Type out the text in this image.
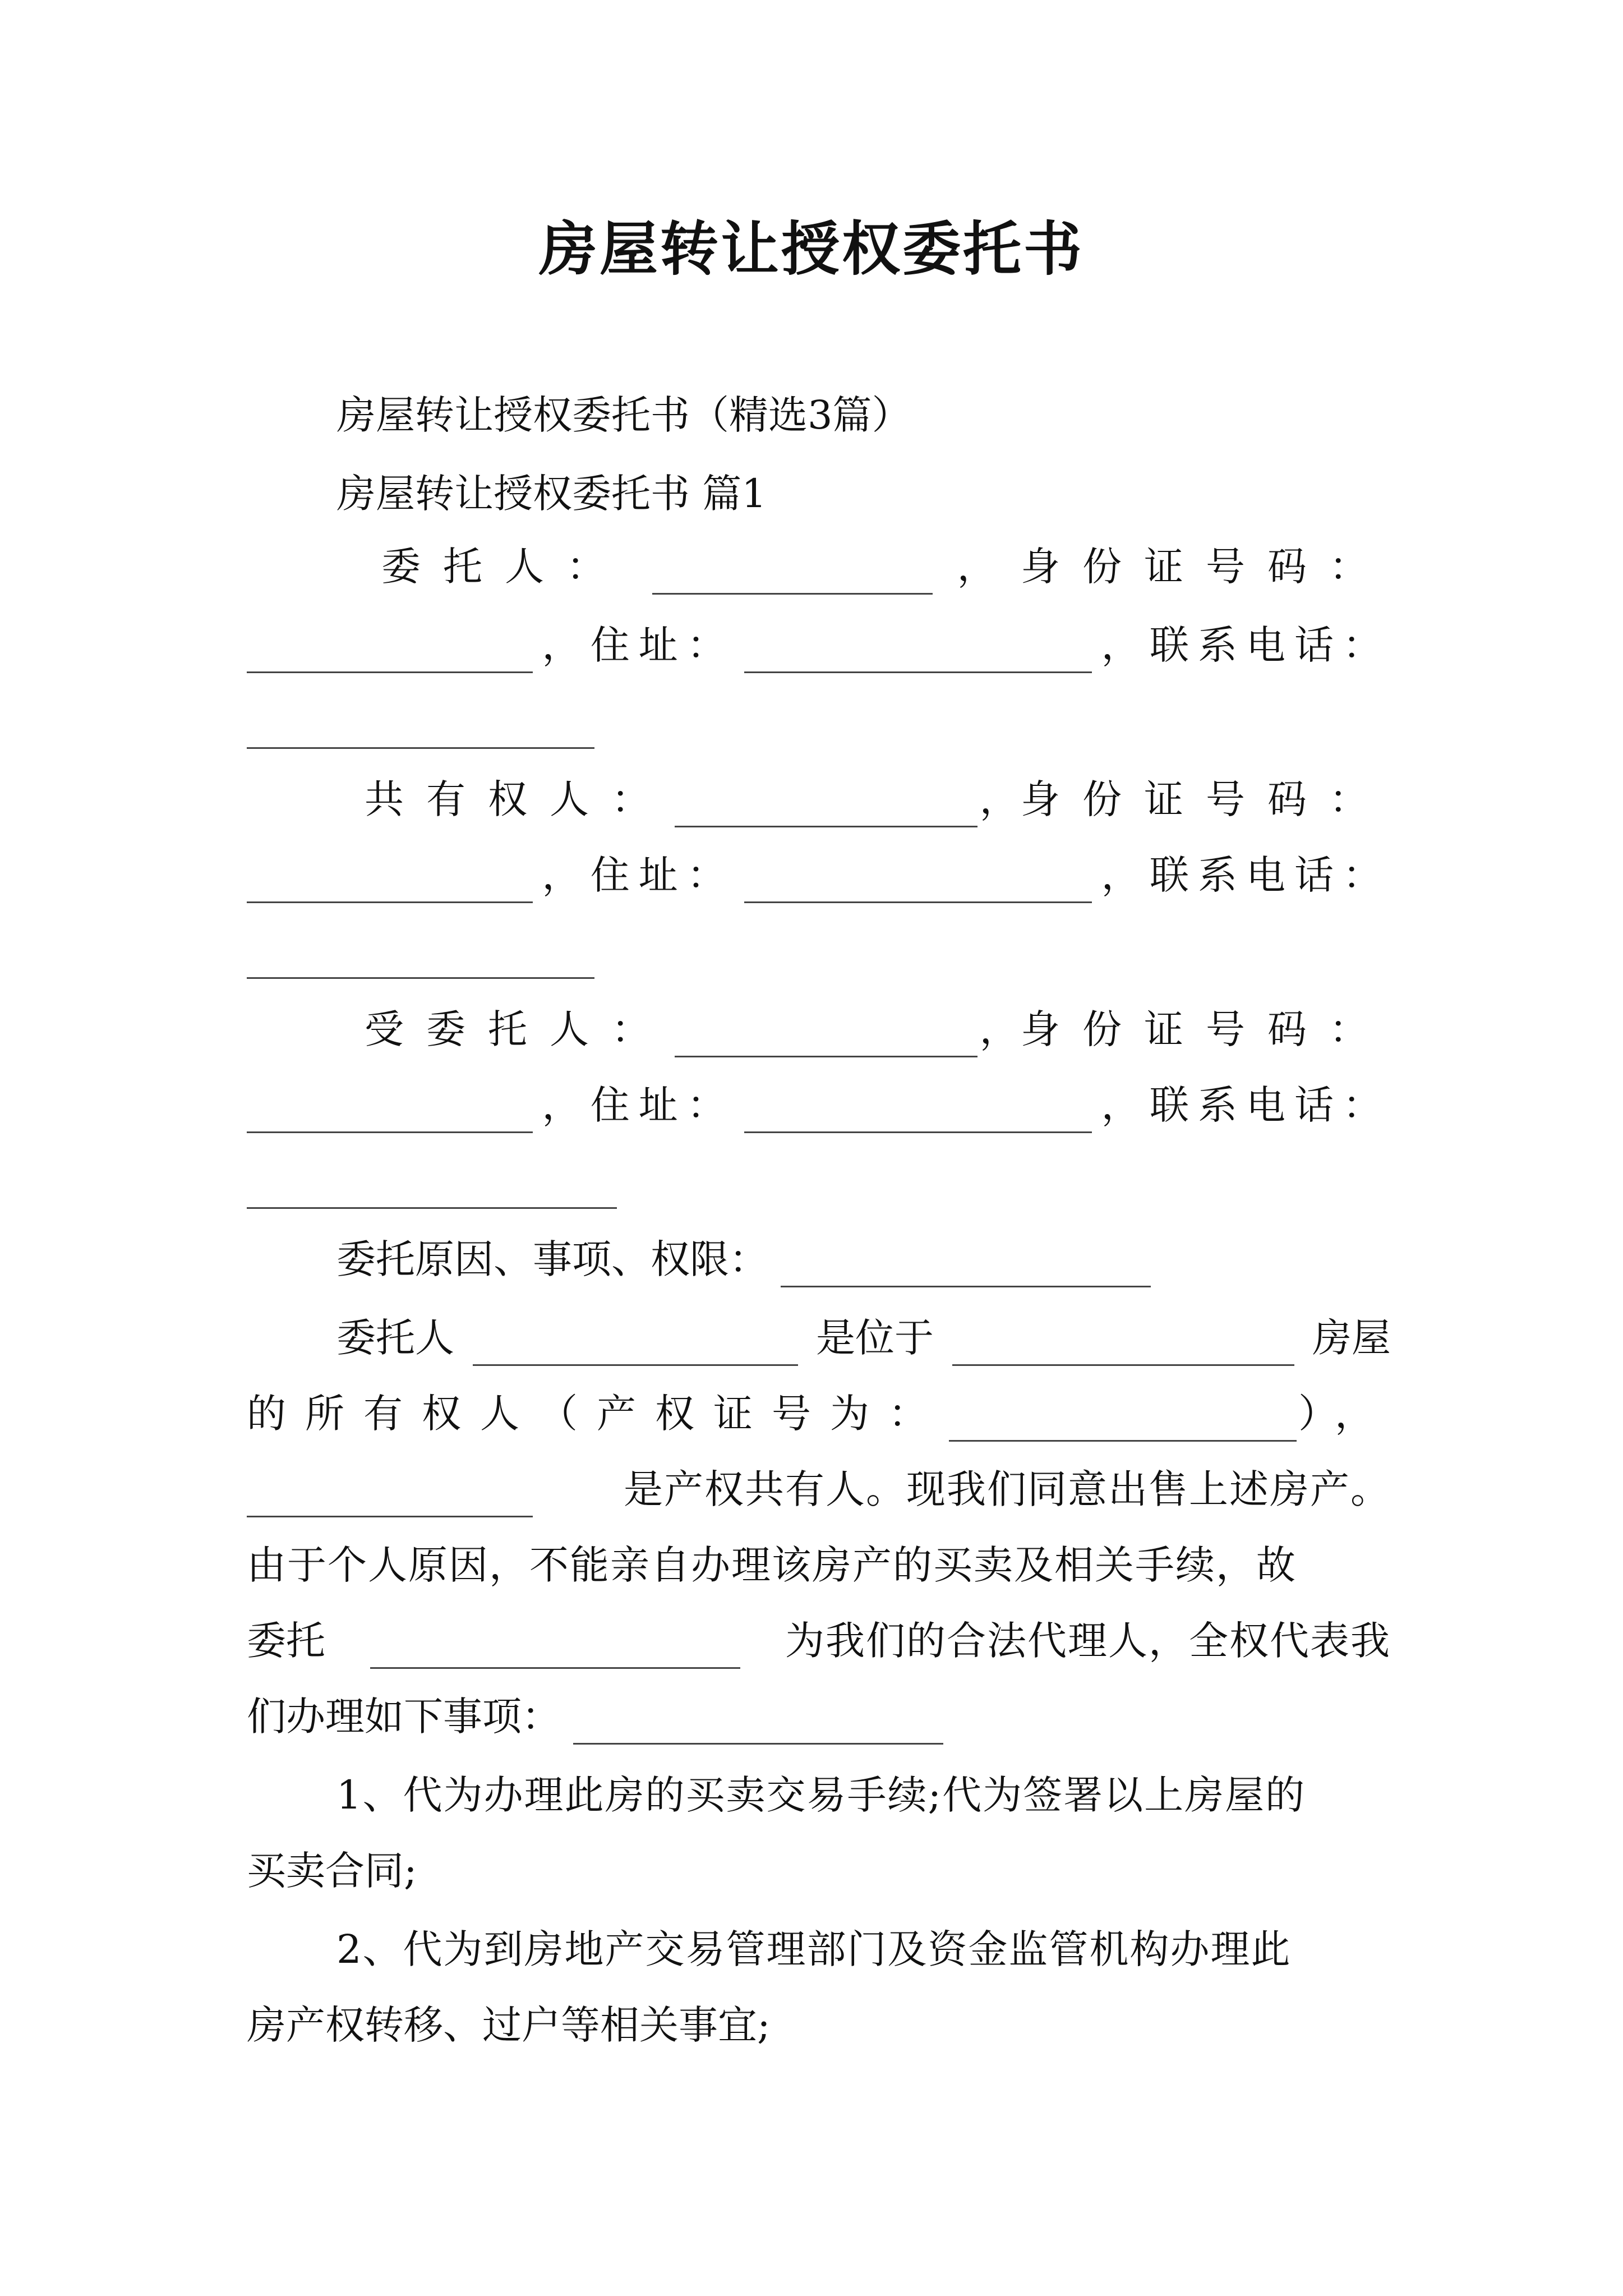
房屋转让授权委托书
房屋转让授权委托书（精选3篇）
房屋转让授权委托书 篇1
委托人：	， 身份证号码：
， 住址：	， 联系电话：
共有权人：	， 身份证号码：
， 住址：	， 联系电话：
受委托人：	， 身份证号码：
， 住址：	， 联系电话：
委托原因、事项、权限：
委托人	是位于	房屋
的所有权人（产权证号为：	），
是产权共有人。现我们同意出售上述房产。
由于个人原因，不能亲自办理该房产的买卖及相关手续，故
委托	为我们的合法代理人，全权代表我
们办理如下事项：
1、代为办理此房的买卖交易手续;代为签署以上房屋的
买卖合同;
2、代为到房地产交易管理部门及资金监管机构办理此
房产权转移、过户等相关事宜;
